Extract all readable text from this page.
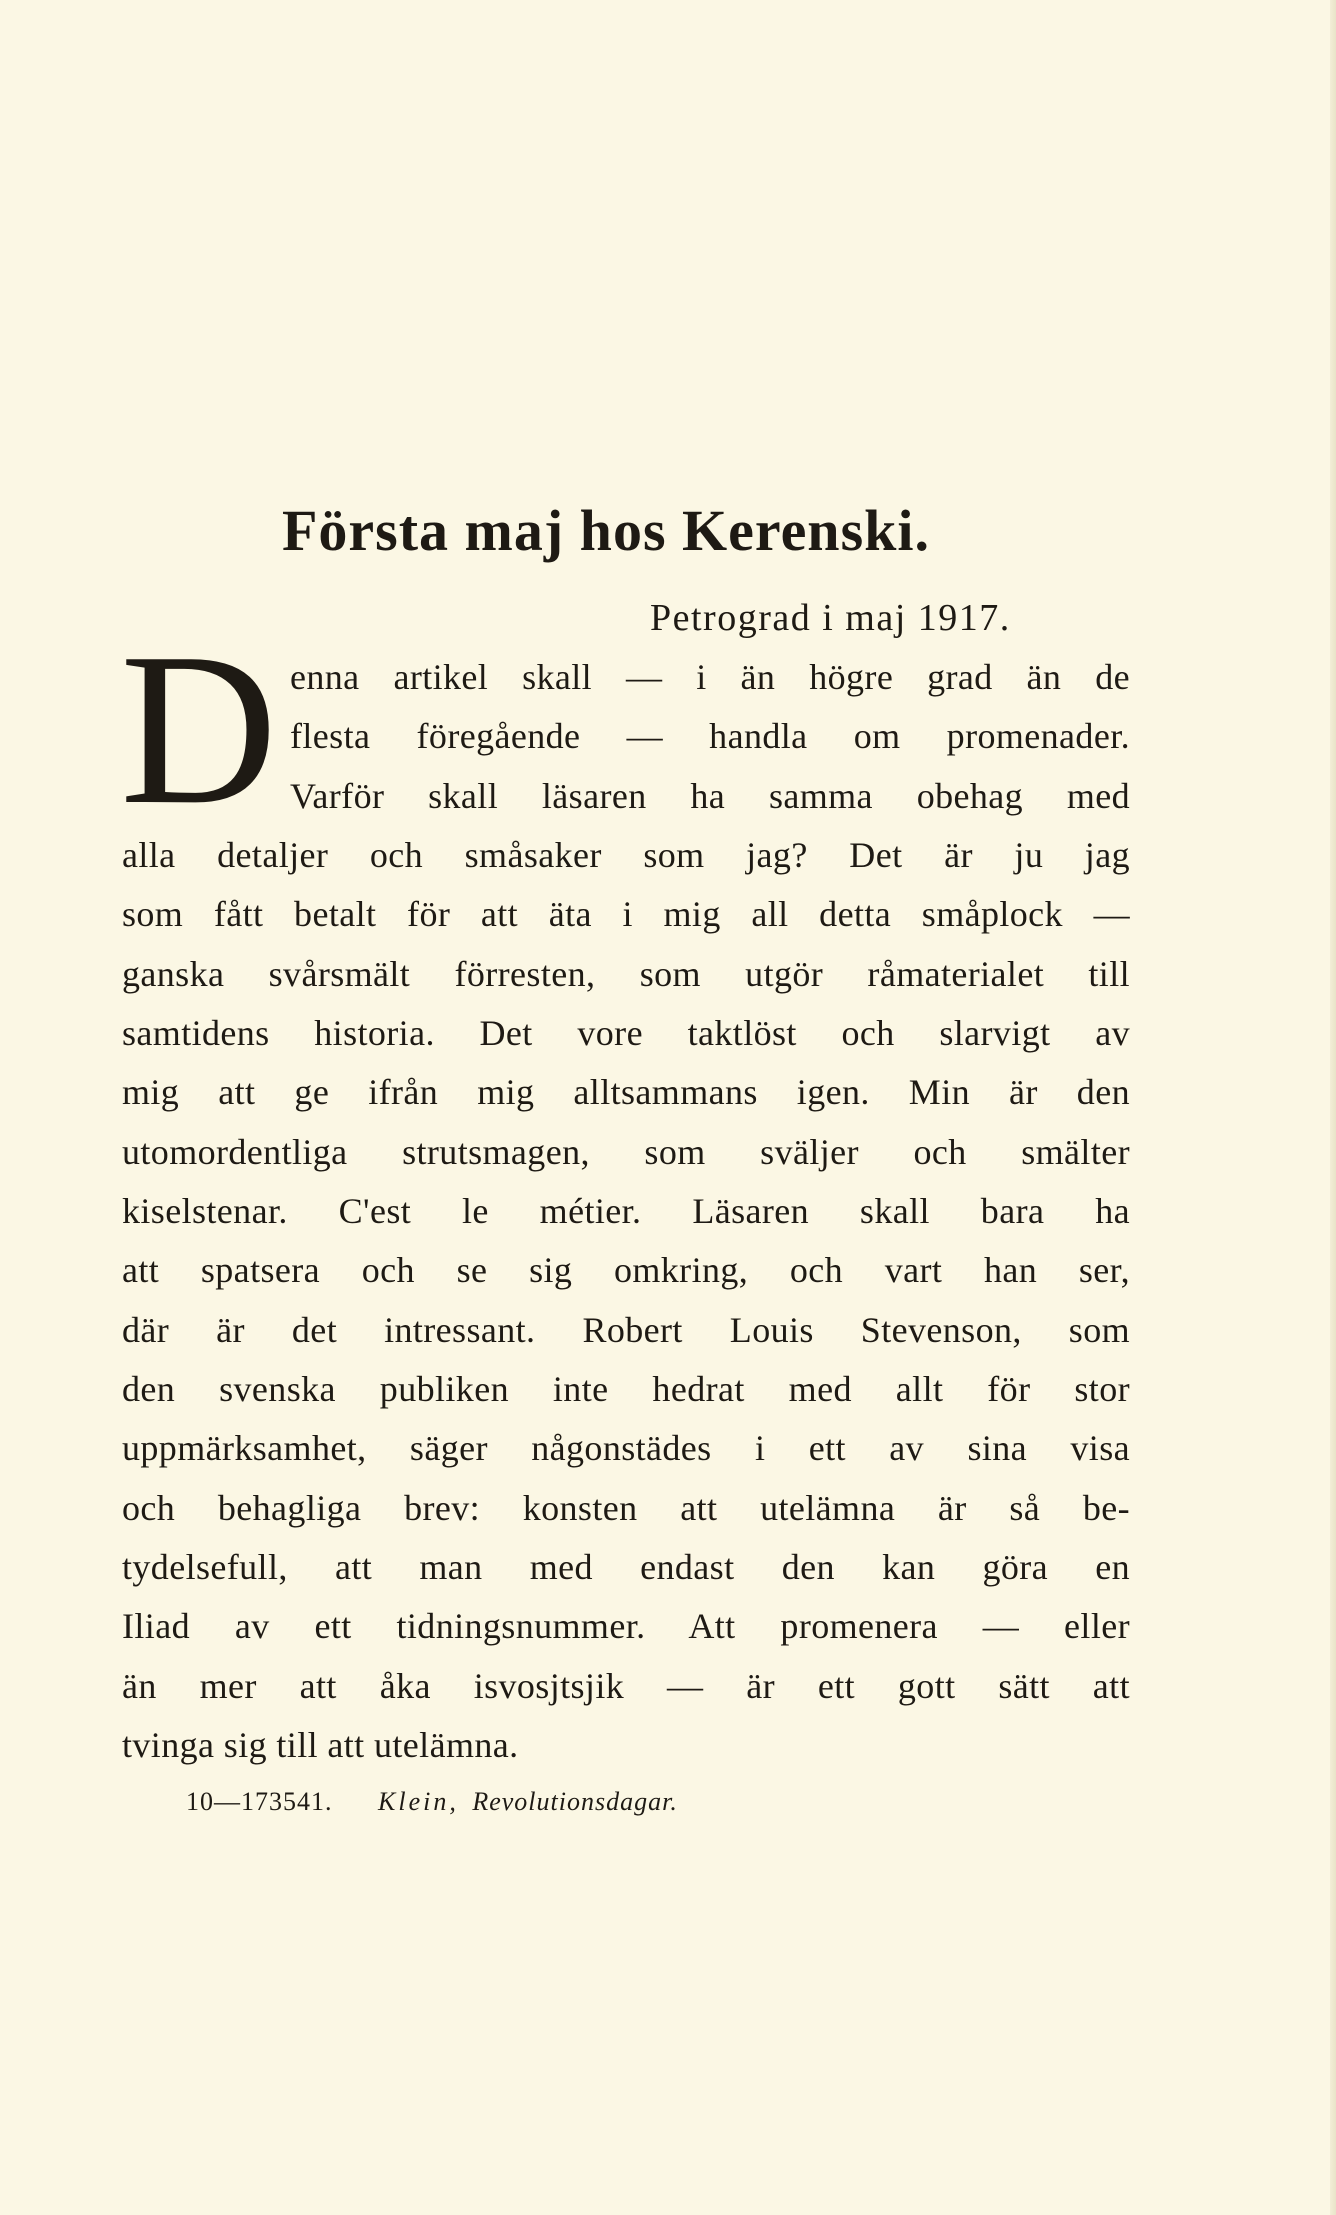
Första maj hos Kerenski.
Petrograd i maj 1917.
D enna artikel skall — i än högre grad än de
flesta föregående — handla om promenader.
Varför skall läsaren ha samma obehag med
alla detaljer och småsaker som jag? Det är ju jag
som fått betalt för att äta i mig all detta småplock —
ganska svårsmält förresten, som utgör råmaterialet till
samtidens historia. Det vore taktlöst och slarvigt av
mig att ge ifrån mig alltsammans igen. Min är den
utomordentliga strutsmagen, som sväljer och smälter
kiselstenar. C'est le métier. Läsaren skall bara ha
att spatsera och se sig omkring, och vart han ser,
där är det intressant. Robert Louis Stevenson, som
den svenska publiken inte hedrat med allt för stor
uppmärksamhet, säger någonstädes i ett av sina visa
och behagliga brev: konsten att utelämna är så be-
tydelsefull, att man med endast den kan göra en
Iliad av ett tidningsnummer. Att promenera — eller
än mer att åka isvosjtsjik — är ett gott sätt att
tvinga sig till att utelämna.
10—173541. Klein, Revolutionsdagar.
